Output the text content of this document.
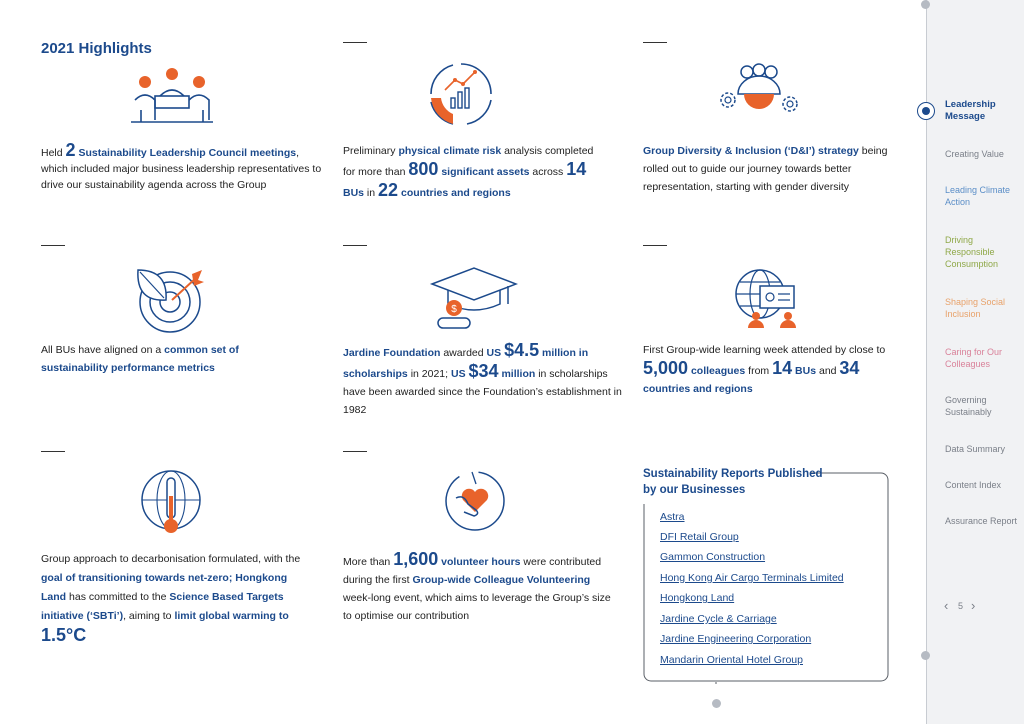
2021 Highlights
$
Held 2 Sustainability Leadership Council meetings, which included major business leadership representatives to drive our sustainability agenda across the Group
Preliminary physical climate risk analysis completed for more than 800 significant assets across 14 BUs in 22 countries and regions
Group Diversity & Inclusion (‘D&I’) strategy being rolled out to guide our journey towards better representation, starting with gender diversity
All BUs have aligned on a common set of sustainability performance metrics
Jardine Foundation awarded US $4.5 million in scholarships in 2021; US $34 million in scholarships have been awarded since the Foundation’s establishment in 1982
First Group-wide learning week attended by close to 5,000 colleagues from 14 BUs and 34 countries and regions
Group approach to decarbonisation formulated, with the goal of transitioning towards net-zero; Hongkong Land has committed to the Science Based Targets initiative (‘SBTi’), aiming to limit global warming to 1.5°C
More than 1,600 volunteer hours were contributed during the first Group-wide Colleague Volunteering week-long event, which aims to leverage the Group’s size to optimise our contribution
Sustainability Reports Published by our Businesses
Astra
DFI Retail Group
Gammon Construction
Hong Kong Air Cargo Terminals Limited
Hongkong Land
Jardine Cycle & Carriage
Jardine Engineering Corporation
Mandarin Oriental Hotel Group
Leadership Message
Creating Value
Leading Climate Action
Driving Responsible Consumption
Shaping Social Inclusion
Caring for Our Colleagues
Governing Sustainably
Data Summary
Content Index
Assurance Report
‹ 5 ›
